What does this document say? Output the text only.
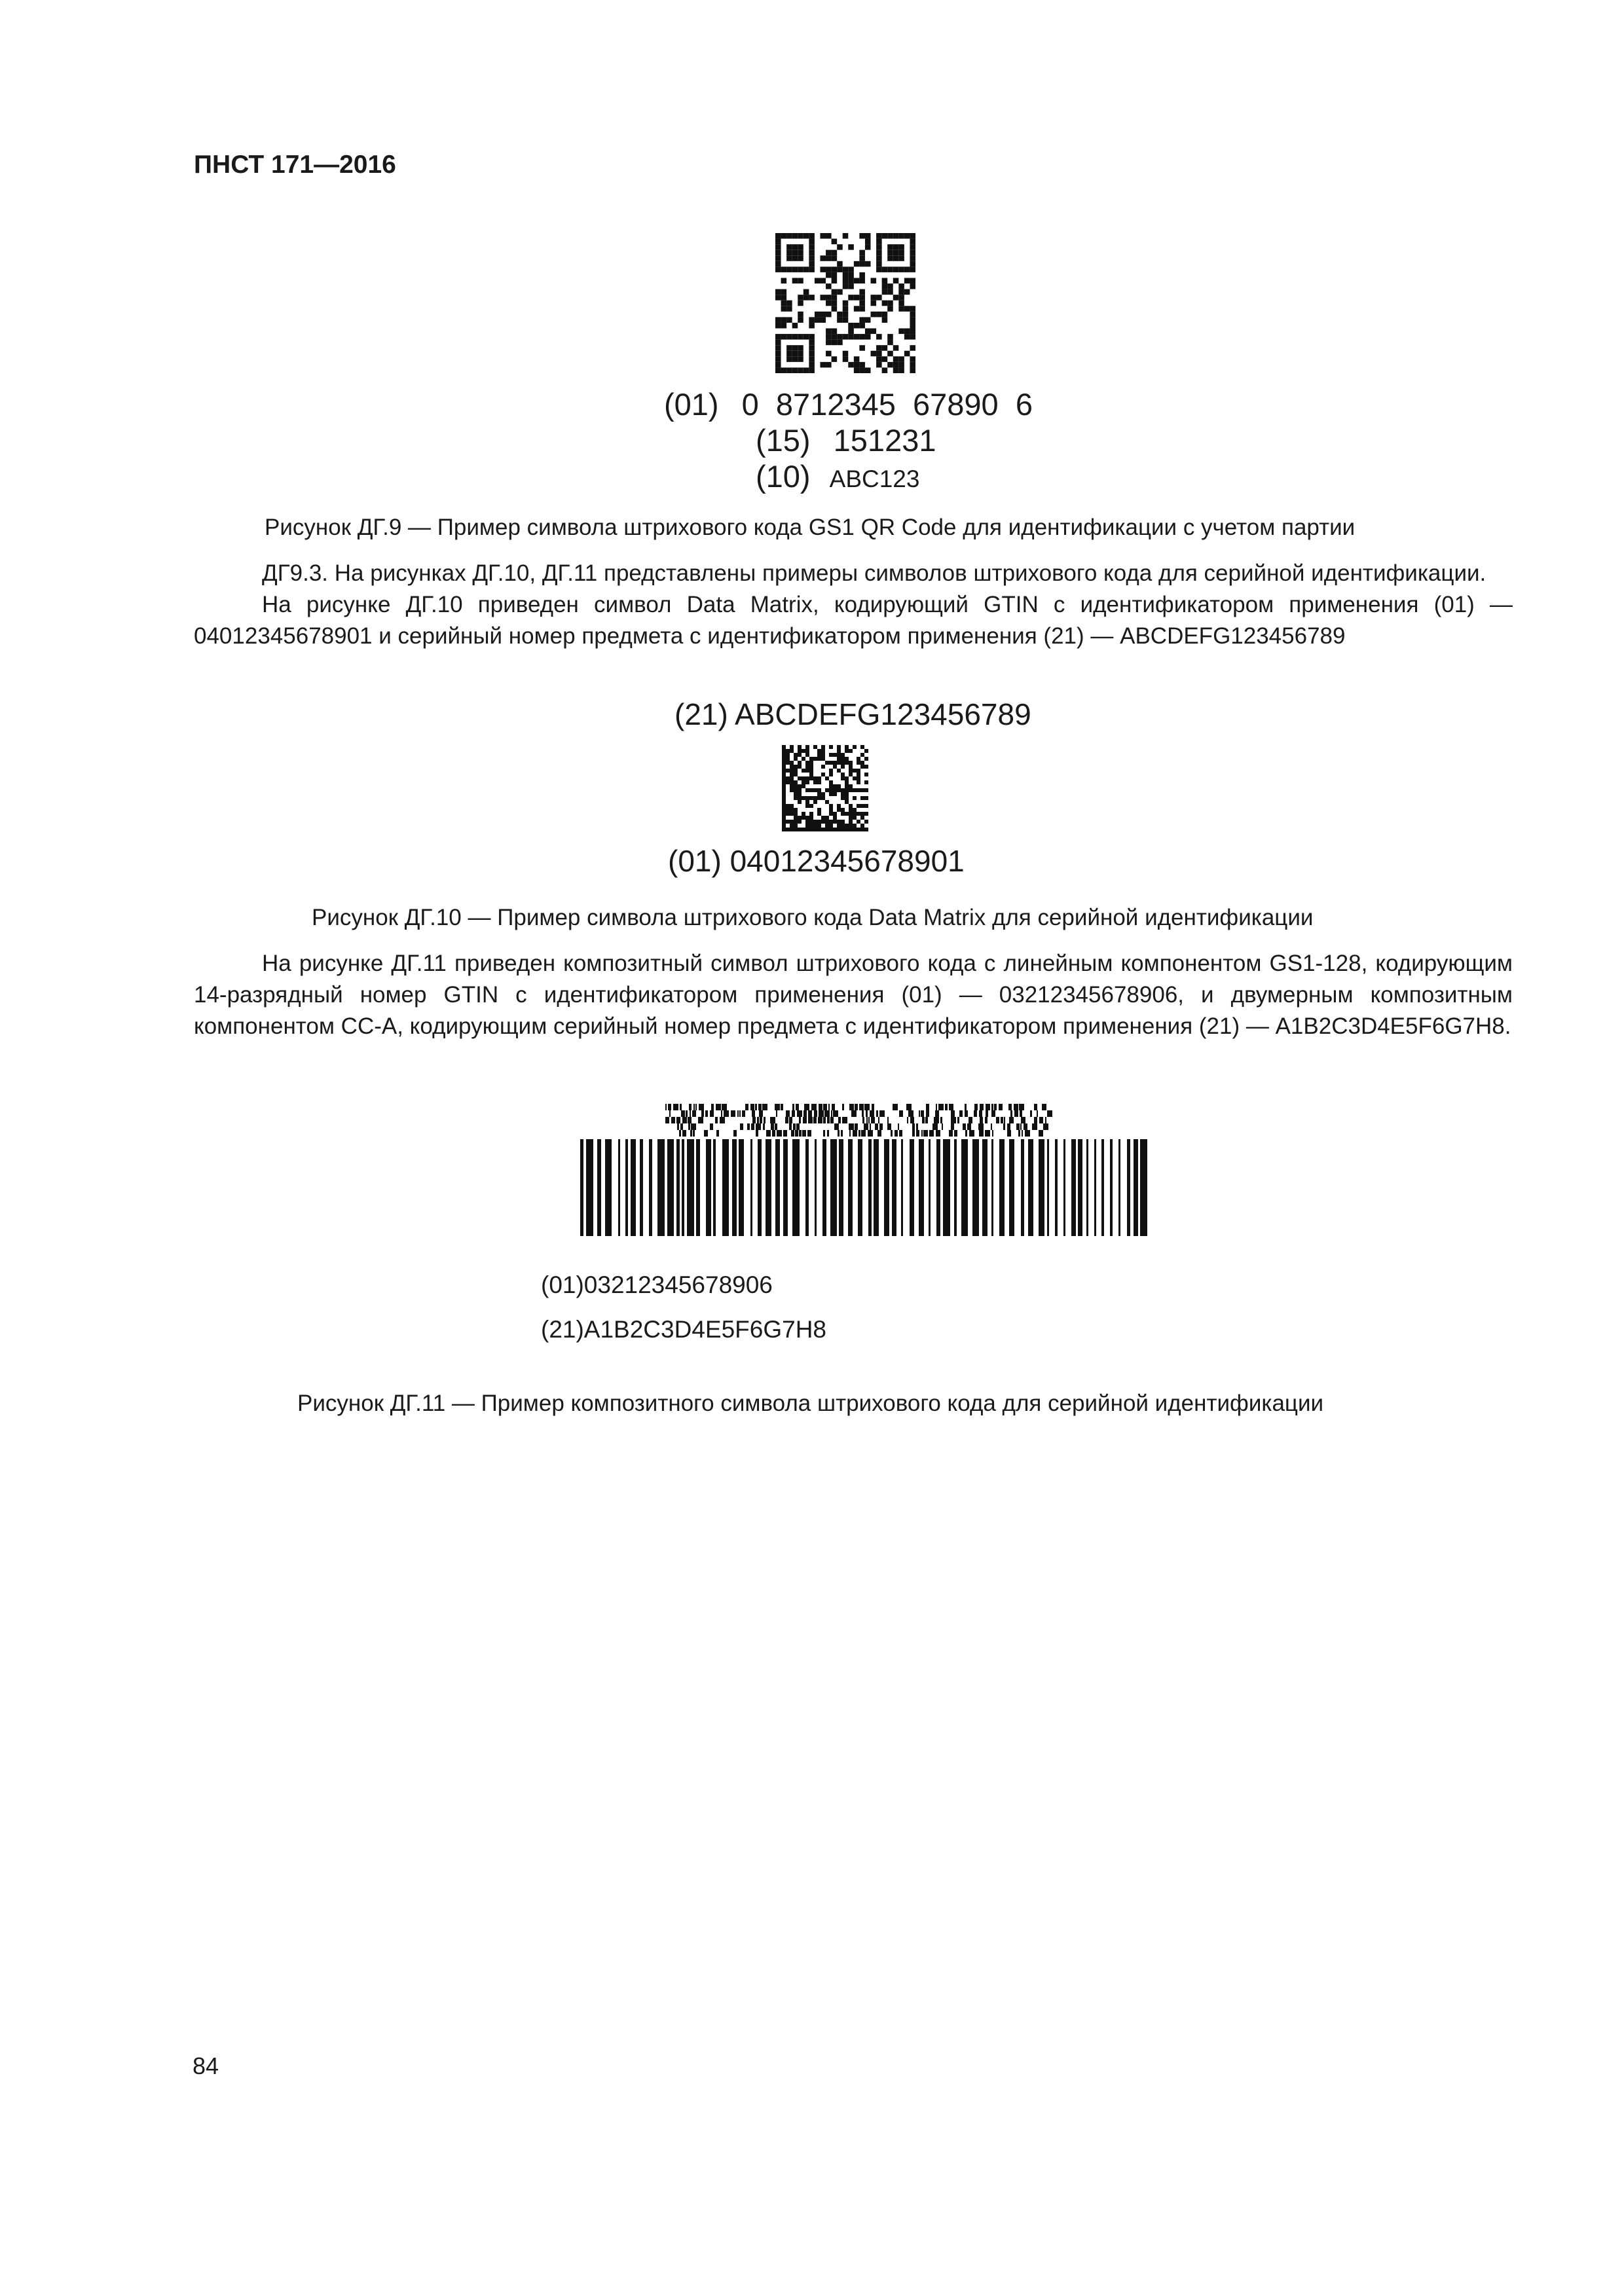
ПНСТ 171—2016
(01) 0  8712345  67890  6
(15) 151231
(10) ABC123
Рисунок ДГ.9 — Пример символа штрихового кода GS1 QR Code для идентификации с учетом партии
ДГ9.3. На рисунках ДГ.10, ДГ.11 представлены примеры символов штрихового кода для серийной идентификации.
На рисунке ДГ.10 приведен символ Data Matrix, кодирующий GTIN с идентификатором применения (01) — 04012345678901 и серийный номер предмета с идентификатором применения (21) — ABCDEFG123456789
(21) ABCDEFG123456789
(01) 04012345678901
Рисунок ДГ.10 — Пример символа штрихового кода Data Matrix для серийной идентификации
На рисунке ДГ.11 приведен композитный символ штрихового кода с линейным компонентом GS1-128, кодирующим 14-разрядный номер GTIN с идентификатором применения (01) — 03212345678906, и двумерным композитным компонентом CC-A, кодирующим серийный номер предмета с идентификатором применения (21) — A1B2C3D4E5F6G7H8.
(01)03212345678906
(21)A1B2C3D4E5F6G7H8
Рисунок ДГ.11 — Пример композитного символа штрихового кода для серийной идентификации
84
